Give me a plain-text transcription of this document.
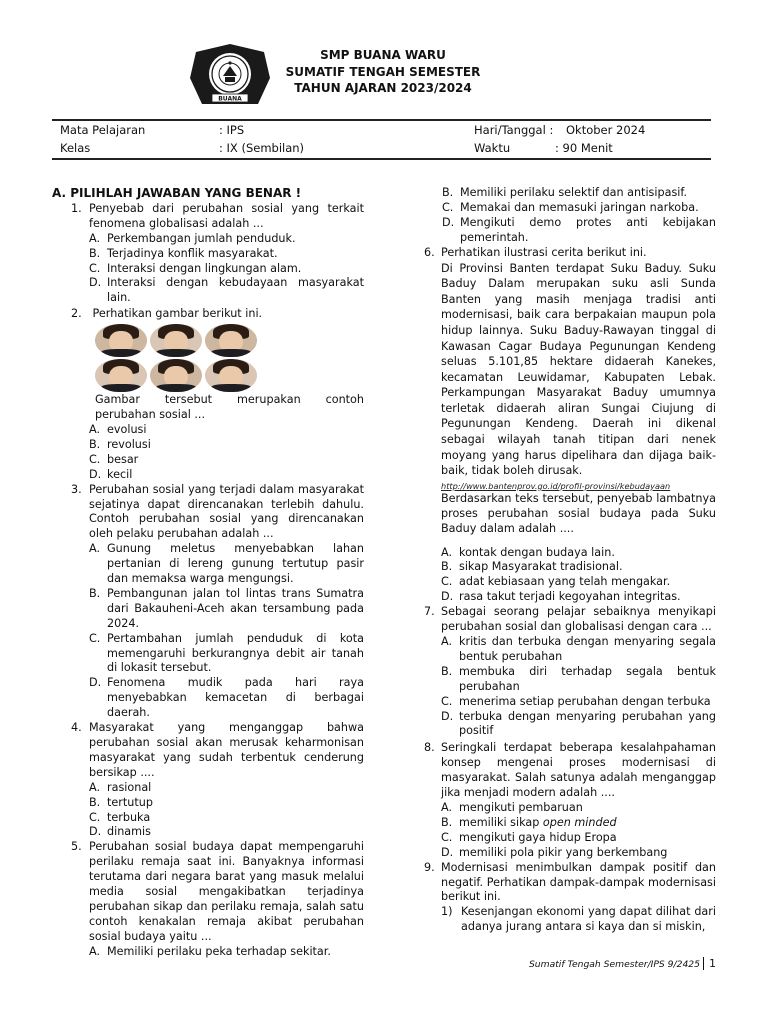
BUANA
SMP BUANA WARU
SUMATIF TENGAH SEMESTER
TAHUN AJARAN 2023/2024
Mata Pelajaran	: IPS	Hari/Tanggal : Oktober 2024
Kelas	: IX (Sembilan)	Waktu	: 90 Menit
A. PILIHLAH JAWABAN YANG BENAR !
1. Penyebab dari perubahan sosial yang terkait fenomena globalisasi adalah ...
A. Perkembangan jumlah penduduk.
B. Terjadinya konflik masyarakat.
C. Interaksi dengan lingkungan alam.
D. Interaksi dengan kebudayaan masyarakat lain.
2. Perhatikan gambar berikut ini.
Gambar tersebut merupakan contoh perubahan sosial ...
A. evolusi
B. revolusi
C. besar
D. kecil
3. Perubahan sosial yang terjadi dalam masyarakat sejatinya dapat direncanakan terlebih dahulu. Contoh perubahan sosial yang direncanakan oleh pelaku perubahan adalah ...
A. Gunung meletus menyebabkan lahan pertanian di lereng gunung tertutup pasir dan memaksa warga mengungsi.
B. Pembangunan jalan tol lintas trans Sumatra dari Bakauheni-Aceh akan tersambung pada 2024.
C. Pertambahan jumlah penduduk di kota memengaruhi berkurangnya debit air tanah di lokasit tersebut.
D. Fenomena mudik pada hari raya menyebabkan kemacetan di berbagai daerah.
4. Masyarakat yang menganggap bahwa perubahan sosial akan merusak keharmonisan masyarakat yang sudah terbentuk cenderung bersikap ....
A. rasional
B. tertutup
C. terbuka
D. dinamis
5. Perubahan sosial budaya dapat mempengaruhi perilaku remaja saat ini. Banyaknya informasi terutama dari negara barat yang masuk melalui media sosial mengakibatkan terjadinya perubahan sikap dan perilaku remaja, salah satu contoh kenakalan remaja akibat perubahan sosial budaya yaitu ...
A. Memiliki perilaku peka terhadap sekitar.
B. Memiliki perilaku selektif dan antisipasif.
C. Memakai dan memasuki jaringan narkoba.
D. Mengikuti demo protes anti kebijakan pemerintah.
6. Perhatikan ilustrasi cerita berikut ini.
Di Provinsi Banten terdapat Suku Baduy. Suku Baduy Dalam merupakan suku asli Sunda Banten yang masih menjaga tradisi anti modernisasi, baik cara berpakaian maupun pola hidup lainnya. Suku Baduy-Rawayan tinggal di Kawasan Cagar Budaya Pegunungan Kendeng seluas 5.101,85 hektare didaerah Kanekes, kecamatan Leuwidamar, Kabupaten Lebak. Perkampungan Masyarakat Baduy umumnya terletak didaerah aliran Sungai Ciujung di Pegunungan Kendeng. Daerah ini dikenal sebagai wilayah tanah titipan dari nenek moyang yang harus dipelihara dan dijaga baik-baik, tidak boleh dirusak.
http://www.bantenprov.go.id/profil-provinsi/kebudayaan
Berdasarkan teks tersebut, penyebab lambatnya proses perubahan sosial budaya pada Suku Baduy dalam adalah ....
A. kontak dengan budaya lain.
B. sikap Masyarakat tradisional.
C. adat kebiasaan yang telah mengakar.
D. rasa takut terjadi kegoyahan integritas.
7. Sebagai seorang pelajar sebaiknya menyikapi perubahan sosial dan globalisasi dengan cara ...
A. kritis dan terbuka dengan menyaring segala bentuk perubahan
B. membuka diri terhadap segala bentuk perubahan
C. menerima setiap perubahan dengan terbuka
D. terbuka dengan menyaring perubahan yang positif
8. Seringkali terdapat beberapa kesalahpahaman konsep mengenai proses modernisasi di masyarakat. Salah satunya adalah menganggap jika menjadi modern adalah ....
A. mengikuti pembaruan
B. memiliki sikap open minded
C. mengikuti gaya hidup Eropa
D. memiliki pola pikir yang berkembang
9. Modernisasi menimbulkan dampak positif dan negatif. Perhatikan dampak-dampak modernisasi berikut ini.
1) Kesenjangan ekonomi yang dapat dilihat dari adanya jurang antara si kaya dan si miskin,
Sumatif Tengah Semester/IPS 9/2425 1
